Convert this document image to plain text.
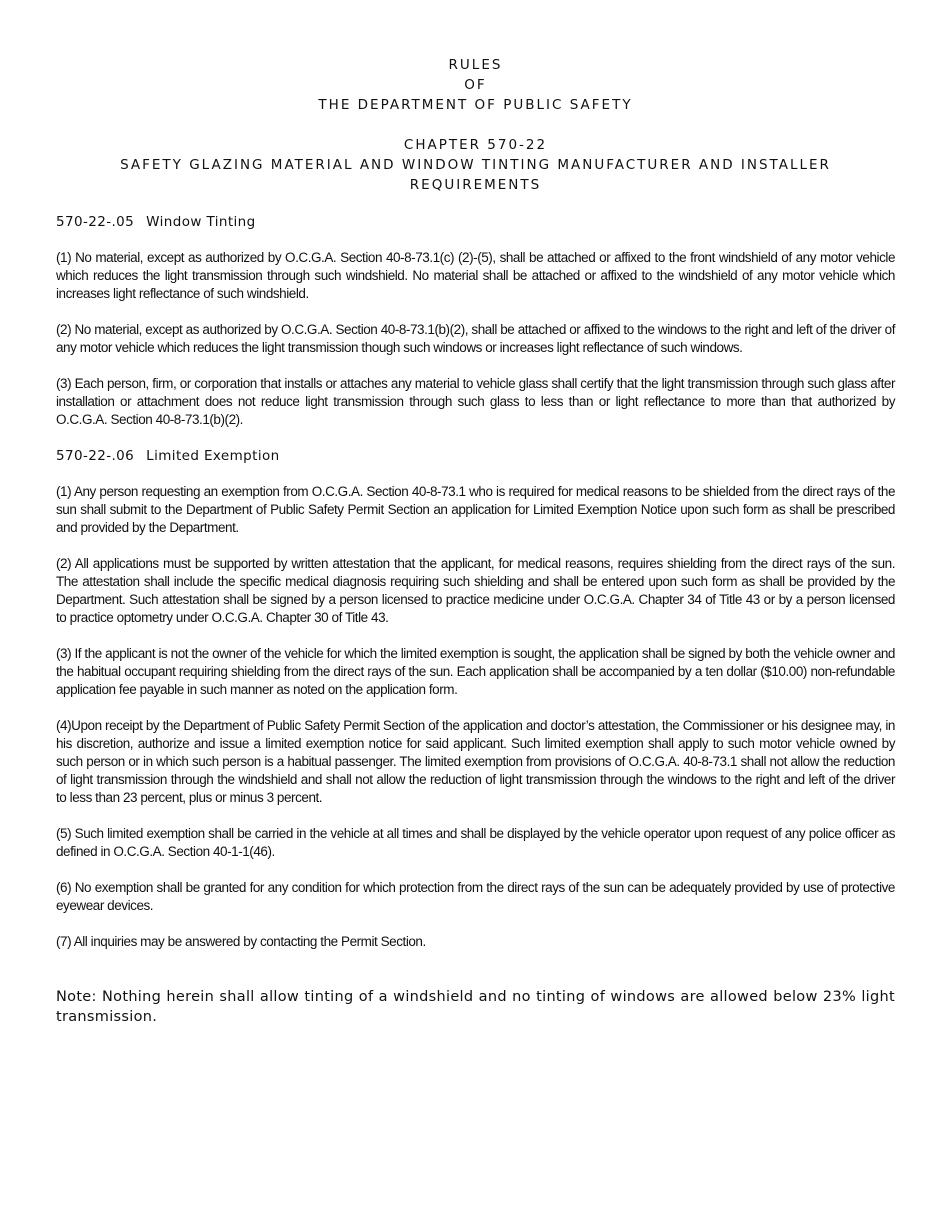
RULES

OF

THE DEPARTMENT OF PUBLIC SAFETY

CHAPTER 570-22

SAFETY GLAZING MATERIAL AND WINDOW TINTING MANUFACTURER AND INSTALLER

REQUIREMENTS

570-22-.05 Window Tinting

(1) No material, except as authorized by O.C.G.A. Section 40-8-73.1(c) (2)-(5), shall be attached or affixed to the front windshield of any motor vehicle which reduces the light transmission through such windshield. No material shall be attached or affixed to the windshield of any motor vehicle which increases light reflectance of such windshield.

(2) No material, except as authorized by O.C.G.A. Section 40-8-73.1(b)(2), shall be attached or affixed to the windows to the right and left of the driver of any motor vehicle which reduces the light transmission though such windows or increases light reflectance of such windows.

(3) Each person, firm, or corporation that installs or attaches any material to vehicle glass shall certify that the light transmission through such glass after installation or attachment does not reduce light transmission through such glass to less than or light reflectance to more than that authorized by O.C.G.A. Section 40-8-73.1(b)(2).

570-22-.06 Limited Exemption

(1) Any person requesting an exemption from O.C.G.A. Section 40-8-73.1 who is required for medical reasons to be shielded from the direct rays of the sun shall submit to the Department of Public Safety Permit Section an application for Limited Exemption Notice upon such form as shall be prescribed and provided by the Department.

(2) All applications must be supported by written attestation that the applicant, for medical reasons, requires shielding from the direct rays of the sun. The attestation shall include the specific medical diagnosis requiring such shielding and shall be entered upon such form as shall be provided by the Department. Such attestation shall be signed by a person licensed to practice medicine under O.C.G.A. Chapter 34 of Title 43 or by a person licensed to practice optometry under O.C.G.A. Chapter 30 of Title 43.

(3) If the applicant is not the owner of the vehicle for which the limited exemption is sought, the application shall be signed by both the vehicle owner and the habitual occupant requiring shielding from the direct rays of the sun. Each application shall be accompanied by a ten dollar ($10.00) non-refundable application fee payable in such manner as noted on the application form.

(4)Upon receipt by the Department of Public Safety Permit Section of the application and doctor’s attestation, the Commissioner or his designee may, in his discretion, authorize and issue a limited exemption notice for said applicant. Such limited exemption shall apply to such motor vehicle owned by such person or in which such person is a habitual passenger. The limited exemption from provisions of O.C.G.A. 40-8-73.1 shall not allow the reduction of light transmission through the windshield and shall not allow the reduction of light transmission through the windows to the right and left of the driver to less than 23 percent, plus or minus 3 percent.

(5) Such limited exemption shall be carried in the vehicle at all times and shall be displayed by the vehicle operator upon request of any police officer as defined in O.C.G.A. Section 40-1-1(46).

(6) No exemption shall be granted for any condition for which protection from the direct rays of the sun can be adequately provided by use of protective eyewear devices.

(7) All inquiries may be answered by contacting the Permit Section.

Note: Nothing herein shall allow tinting of a windshield and no tinting of windows are allowed below 23% light transmission.
